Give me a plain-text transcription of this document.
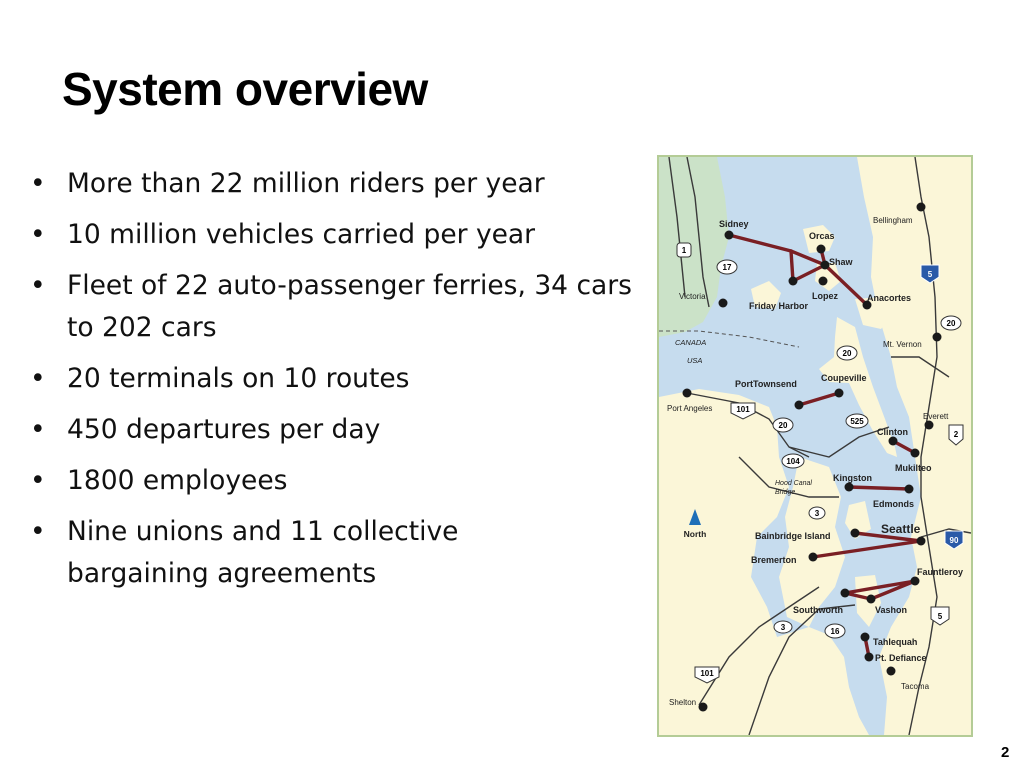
System overview
• More than 22 million riders per year
• 10 million vehicles carried per year
• Fleet of 22 auto-passenger ferries, 34 cars to 202 cars
• 20 terminals on 10 routes
• 450 departures per day
• 1800 employees
• Nine unions and 11 collective bargaining agreements
1
17
5
20
20
101
20	525
2
104
3
90
5
3	16
101
North
Sidney
Orcas
Shaw
Lopez
Friday Harbor
Anacortes
Bellingham
Victoria
CANADA
USA
Mt. Vernon
PortTownsend
Coupeville
Port Angeles
Clinton
Everett
Mukilteo
Kingston
Edmonds
Hood Canal
Bridge
Bainbridge Island	Seattle
Bremerton
Fauntleroy
Southworth	Vashon
Tahlequah
Pt. Defiance
Tacoma
Shelton
2
